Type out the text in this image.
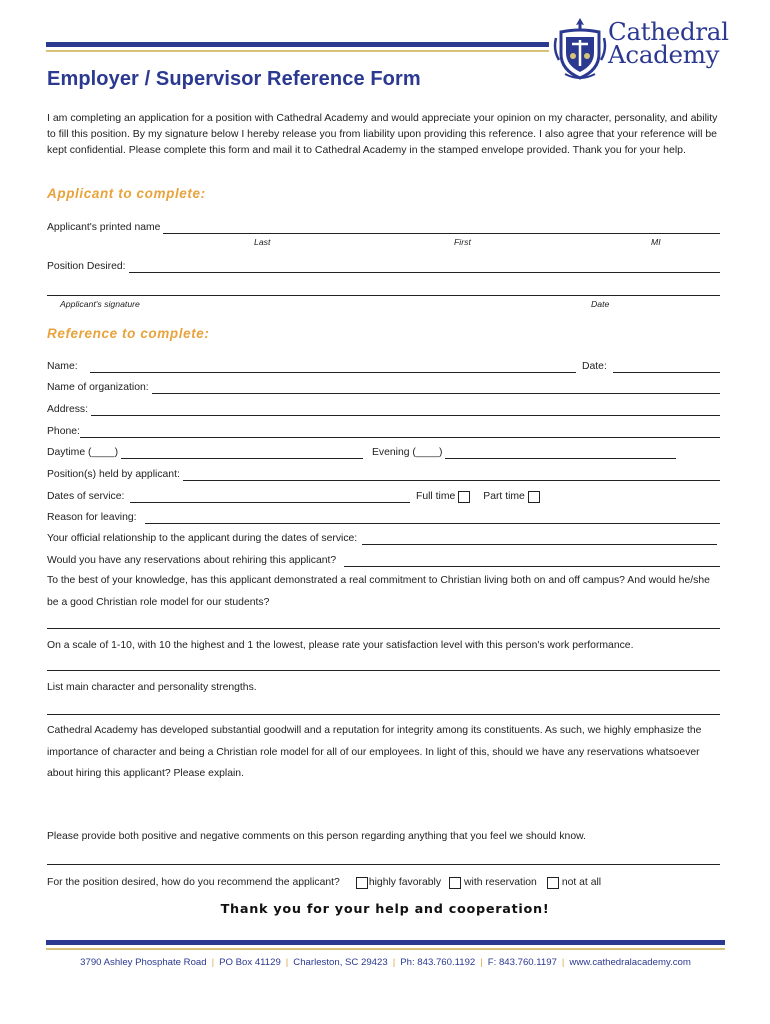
Cathedral
Academy
Employer / Supervisor Reference Form
I am completing an application for a position with Cathedral Academy and would appreciate your opinion on my character, personality, and ability to fill this position. By my signature below I hereby release you from liability upon providing this reference. I also agree that your reference will be kept confidential. Please complete this form and mail it to Cathedral Academy in the stamped envelope provided. Thank you for your help.
Applicant to complete:
Applicant's printed name
Last	First	MI
Position Desired:
Applicant's signature	Date
Reference to complete:
Name:	Date:
Name of organization:
Address:
Phone:
Daytime (____)	Evening (____)
Position(s) held by applicant:
Dates of service:	Full time	Part time
Reason for leaving:
Your official relationship to the applicant during the dates of service:
Would you have any reservations about rehiring this applicant?
To the best of your knowledge, has this applicant demonstrated a real commitment to Christian living both on and off campus? And would he/she be a good Christian role model for our students?
On a scale of 1-10, with 10 the highest and 1 the lowest, please rate your satisfaction level with this person's work performance.
List main character and personality strengths.
Cathedral Academy has developed substantial goodwill and a reputation for integrity among its constituents. As such, we highly emphasize the importance of character and being a Christian role model for all of our employees. In light of this, should we have any reservations whatsoever about hiring this applicant? Please explain.
Please provide both positive and negative comments on this person regarding anything that you feel we should know.
For the position desired, how do you recommend the applicant?	highly favorably with reservation not at all
Thank you for your help and cooperation!
3790 Ashley Phosphate Road | PO Box 41129 | Charleston, SC 29423 | Ph: 843.760.1192 | F: 843.760.1197 | www.cathedralacademy.com
